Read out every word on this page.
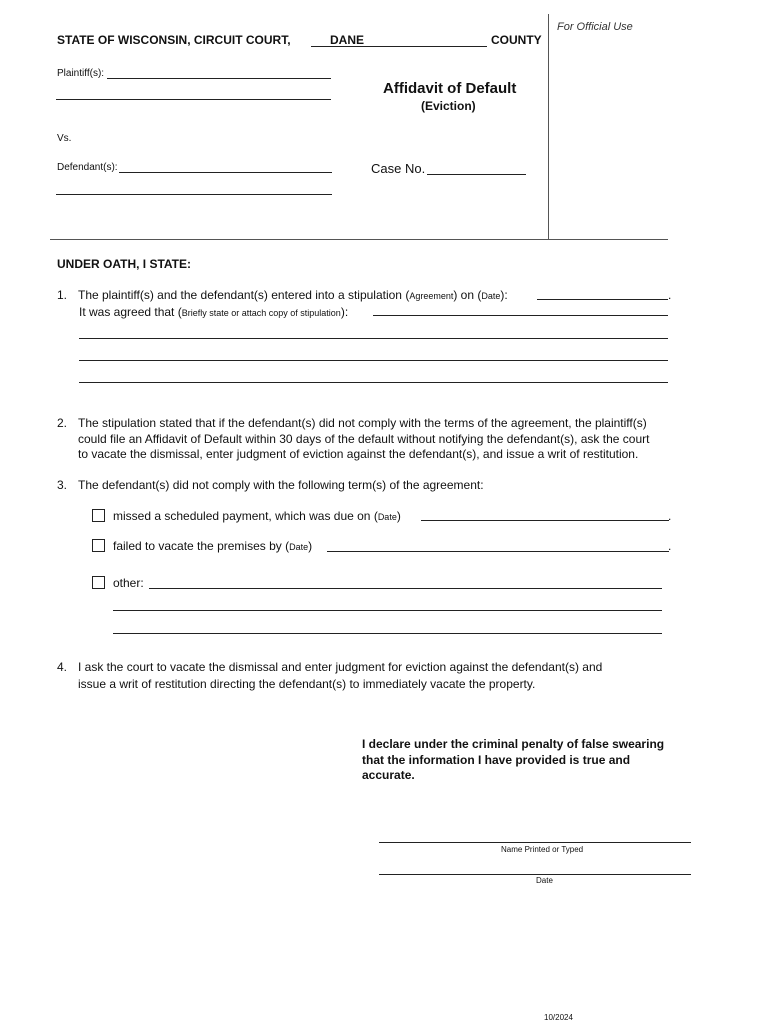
For Official Use
STATE OF WISCONSIN, CIRCUIT COURT,	DANE	COUNTY
Plaintiff(s):
Vs.
Defendant(s):
Affidavit of Default
(Eviction)
Case No.
UNDER OATH, I STATE:
1. The plaintiff(s) and the defendant(s) entered into a stipulation (Agreement) on (Date):	.
It was agreed that (Briefly state or attach copy of stipulation):
2. The stipulation stated that if the defendant(s) did not comply with the terms of the agreement, the plaintiff(s)
could file an Affidavit of Default within 30 days of the default without notifying the defendant(s), ask the court
to vacate the dismissal, enter judgment of eviction against the defendant(s), and issue a writ of restitution.
3. The defendant(s) did not comply with the following term(s) of the agreement:
missed a scheduled payment, which was due on (Date)	.
failed to vacate the premises by (Date)	.
other:
4. I ask the court to vacate the dismissal and enter judgment for eviction against the defendant(s) and
issue a writ of restitution directing the defendant(s) to immediately vacate the property.
I declare under the criminal penalty of false swearing
that the information I have provided is true and
accurate.
Name Printed or Typed
Date
10/2024
